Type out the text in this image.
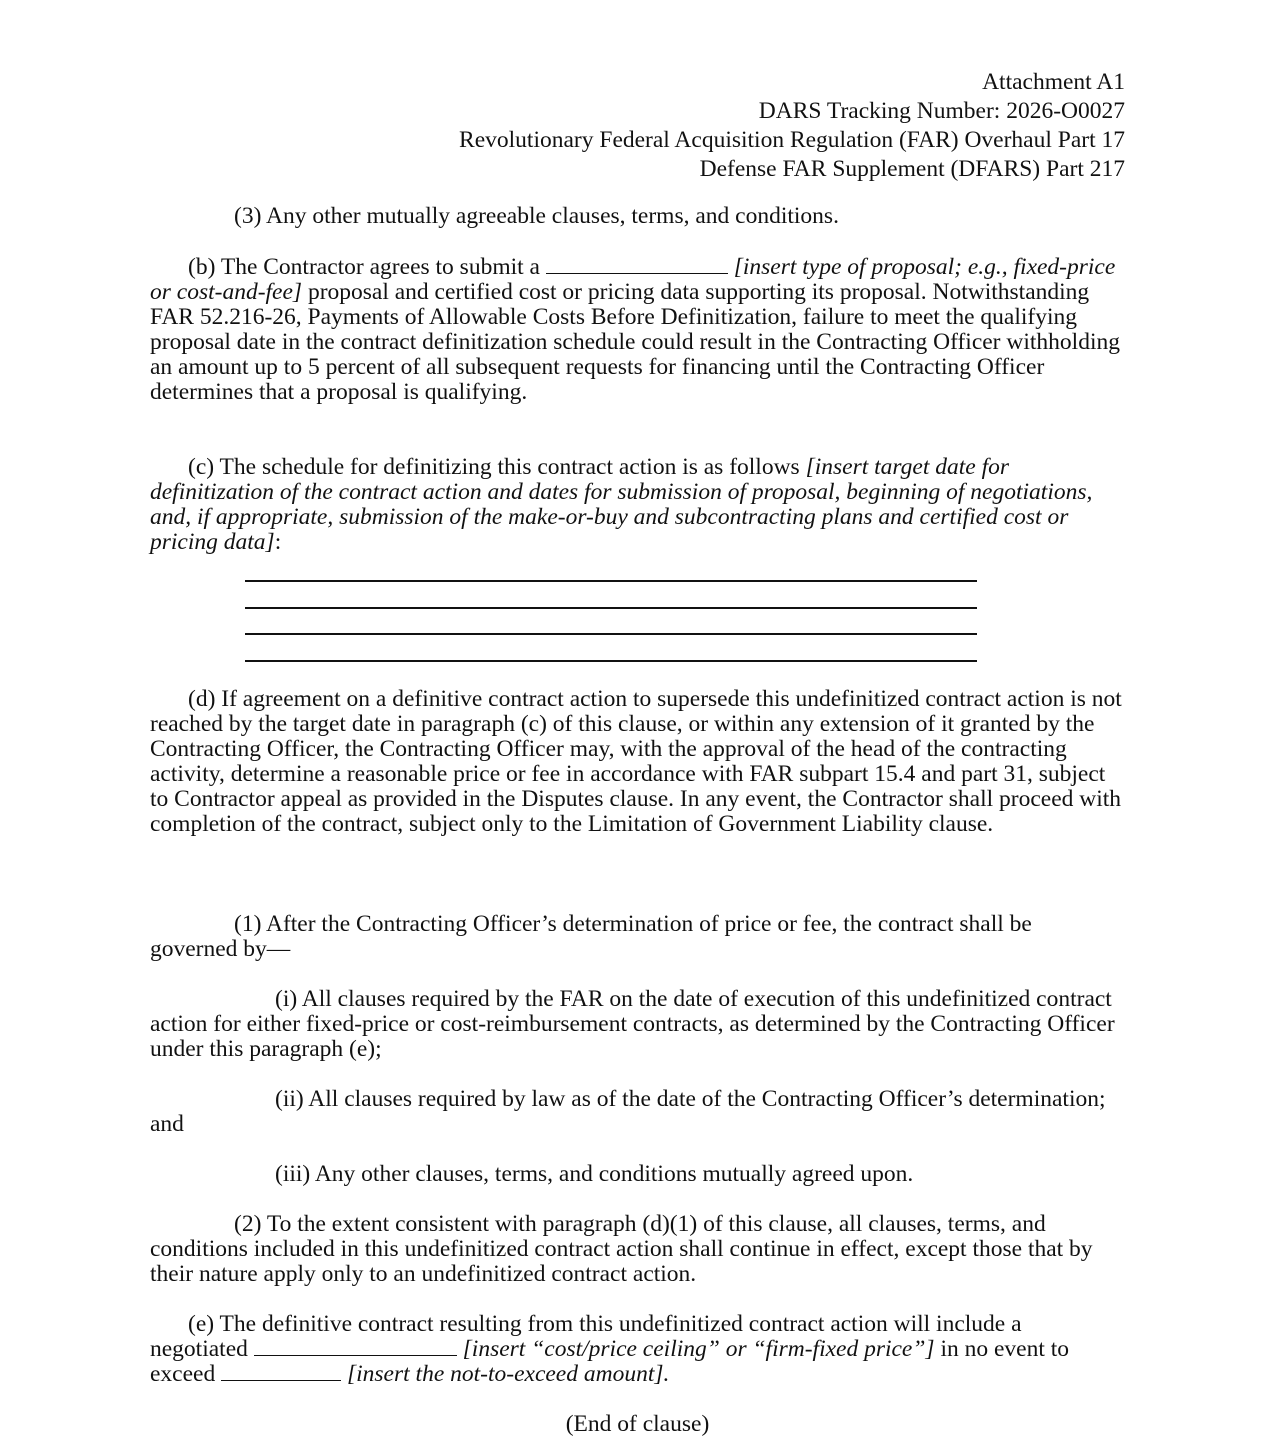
Attachment A1
DARS Tracking Number: 2026-O0027
Revolutionary Federal Acquisition Regulation (FAR) Overhaul Part 17
Defense FAR Supplement (DFARS) Part 217
(3) Any other mutually agreeable clauses, terms, and conditions.
(b) The Contractor agrees to submit a	[insert type of proposal; e.g., fixed-price or cost-and-fee] proposal and certified cost or pricing data supporting its proposal. Notwithstanding FAR 52.216-26, Payments of Allowable Costs Before Definitization, failure to meet the qualifying proposal date in the contract definitization schedule could result in the Contracting Officer withholding an amount up to 5 percent of all subsequent requests for financing until the Contracting Officer determines that a proposal is qualifying.
(c) The schedule for definitizing this contract action is as follows [insert target date for definitization of the contract action and dates for submission of proposal, beginning of negotiations, and, if appropriate, submission of the make-or-buy and subcontracting plans and certified cost or pricing data]:
(d) If agreement on a definitive contract action to supersede this undefinitized contract action is not reached by the target date in paragraph (c) of this clause, or within any extension of it granted by the Contracting Officer, the Contracting Officer may, with the approval of the head of the contracting activity, determine a reasonable price or fee in accordance with FAR subpart 15.4 and part 31, subject to Contractor appeal as provided in the Disputes clause. In any event, the Contractor shall proceed with completion of the contract, subject only to the Limitation of Government Liability clause.
(1) After the Contracting Officer’s determination of price or fee, the contract shall be governed by—
(i) All clauses required by the FAR on the date of execution of this undefinitized contract action for either fixed-price or cost-reimbursement contracts, as determined by the Contracting Officer under this paragraph (e);
(ii) All clauses required by law as of the date of the Contracting Officer’s determination; and
(iii) Any other clauses, terms, and conditions mutually agreed upon.
(2) To the extent consistent with paragraph (d)(1) of this clause, all clauses, terms, and conditions included in this undefinitized contract action shall continue in effect, except those that by their nature apply only to an undefinitized contract action.
(e) The definitive contract resulting from this undefinitized contract action will include a negotiated	[insert “cost/price ceiling” or “firm-fixed price”] in no event to exceed	[insert the not-to-exceed amount].
(End of clause)
